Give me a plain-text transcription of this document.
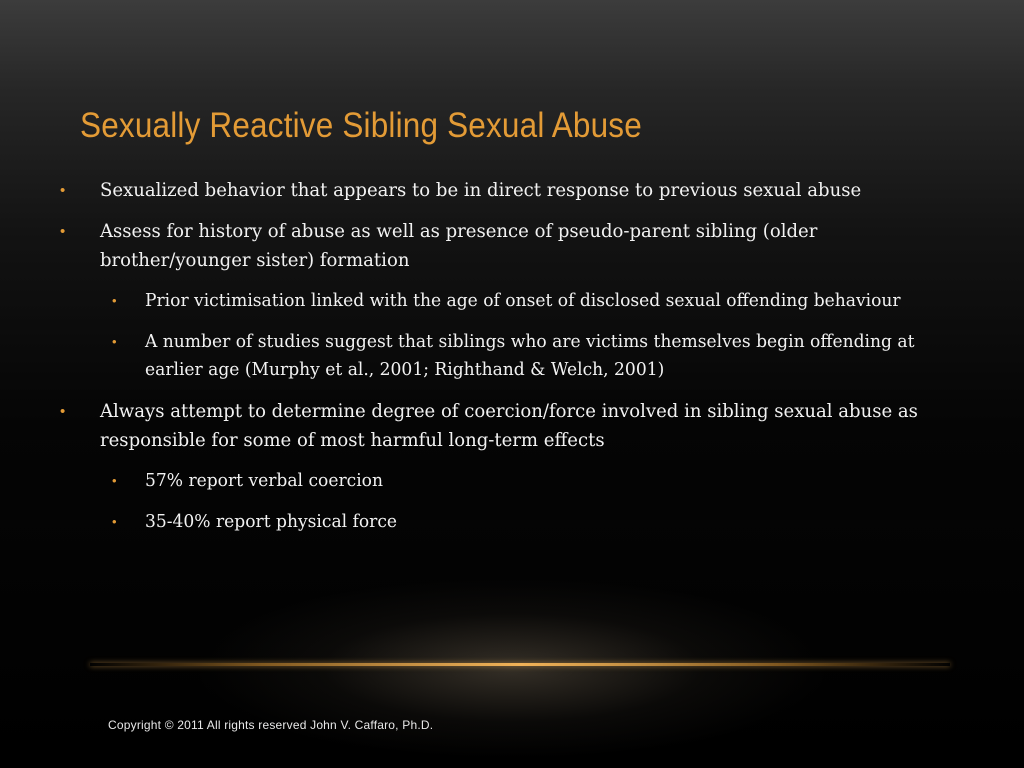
Sexually Reactive Sibling Sexual Abuse
• Sexualized behavior that appears to be in direct response to previous sexual abuse
• Assess for history of abuse as well as presence of pseudo-parent sibling (older brother/younger sister) formation
• Prior victimisation linked with the age of onset of disclosed sexual offending behaviour
• A number of studies suggest that siblings who are victims themselves begin offending at earlier age (Murphy et al., 2001; Righthand & Welch, 2001)
• Always attempt to determine degree of coercion/force involved in sibling sexual abuse as responsible for some of most harmful long-term effects
• 57% report verbal coercion
• 35-40% report physical force
Copyright © 2011 All rights reserved John V. Caffaro, Ph.D.
